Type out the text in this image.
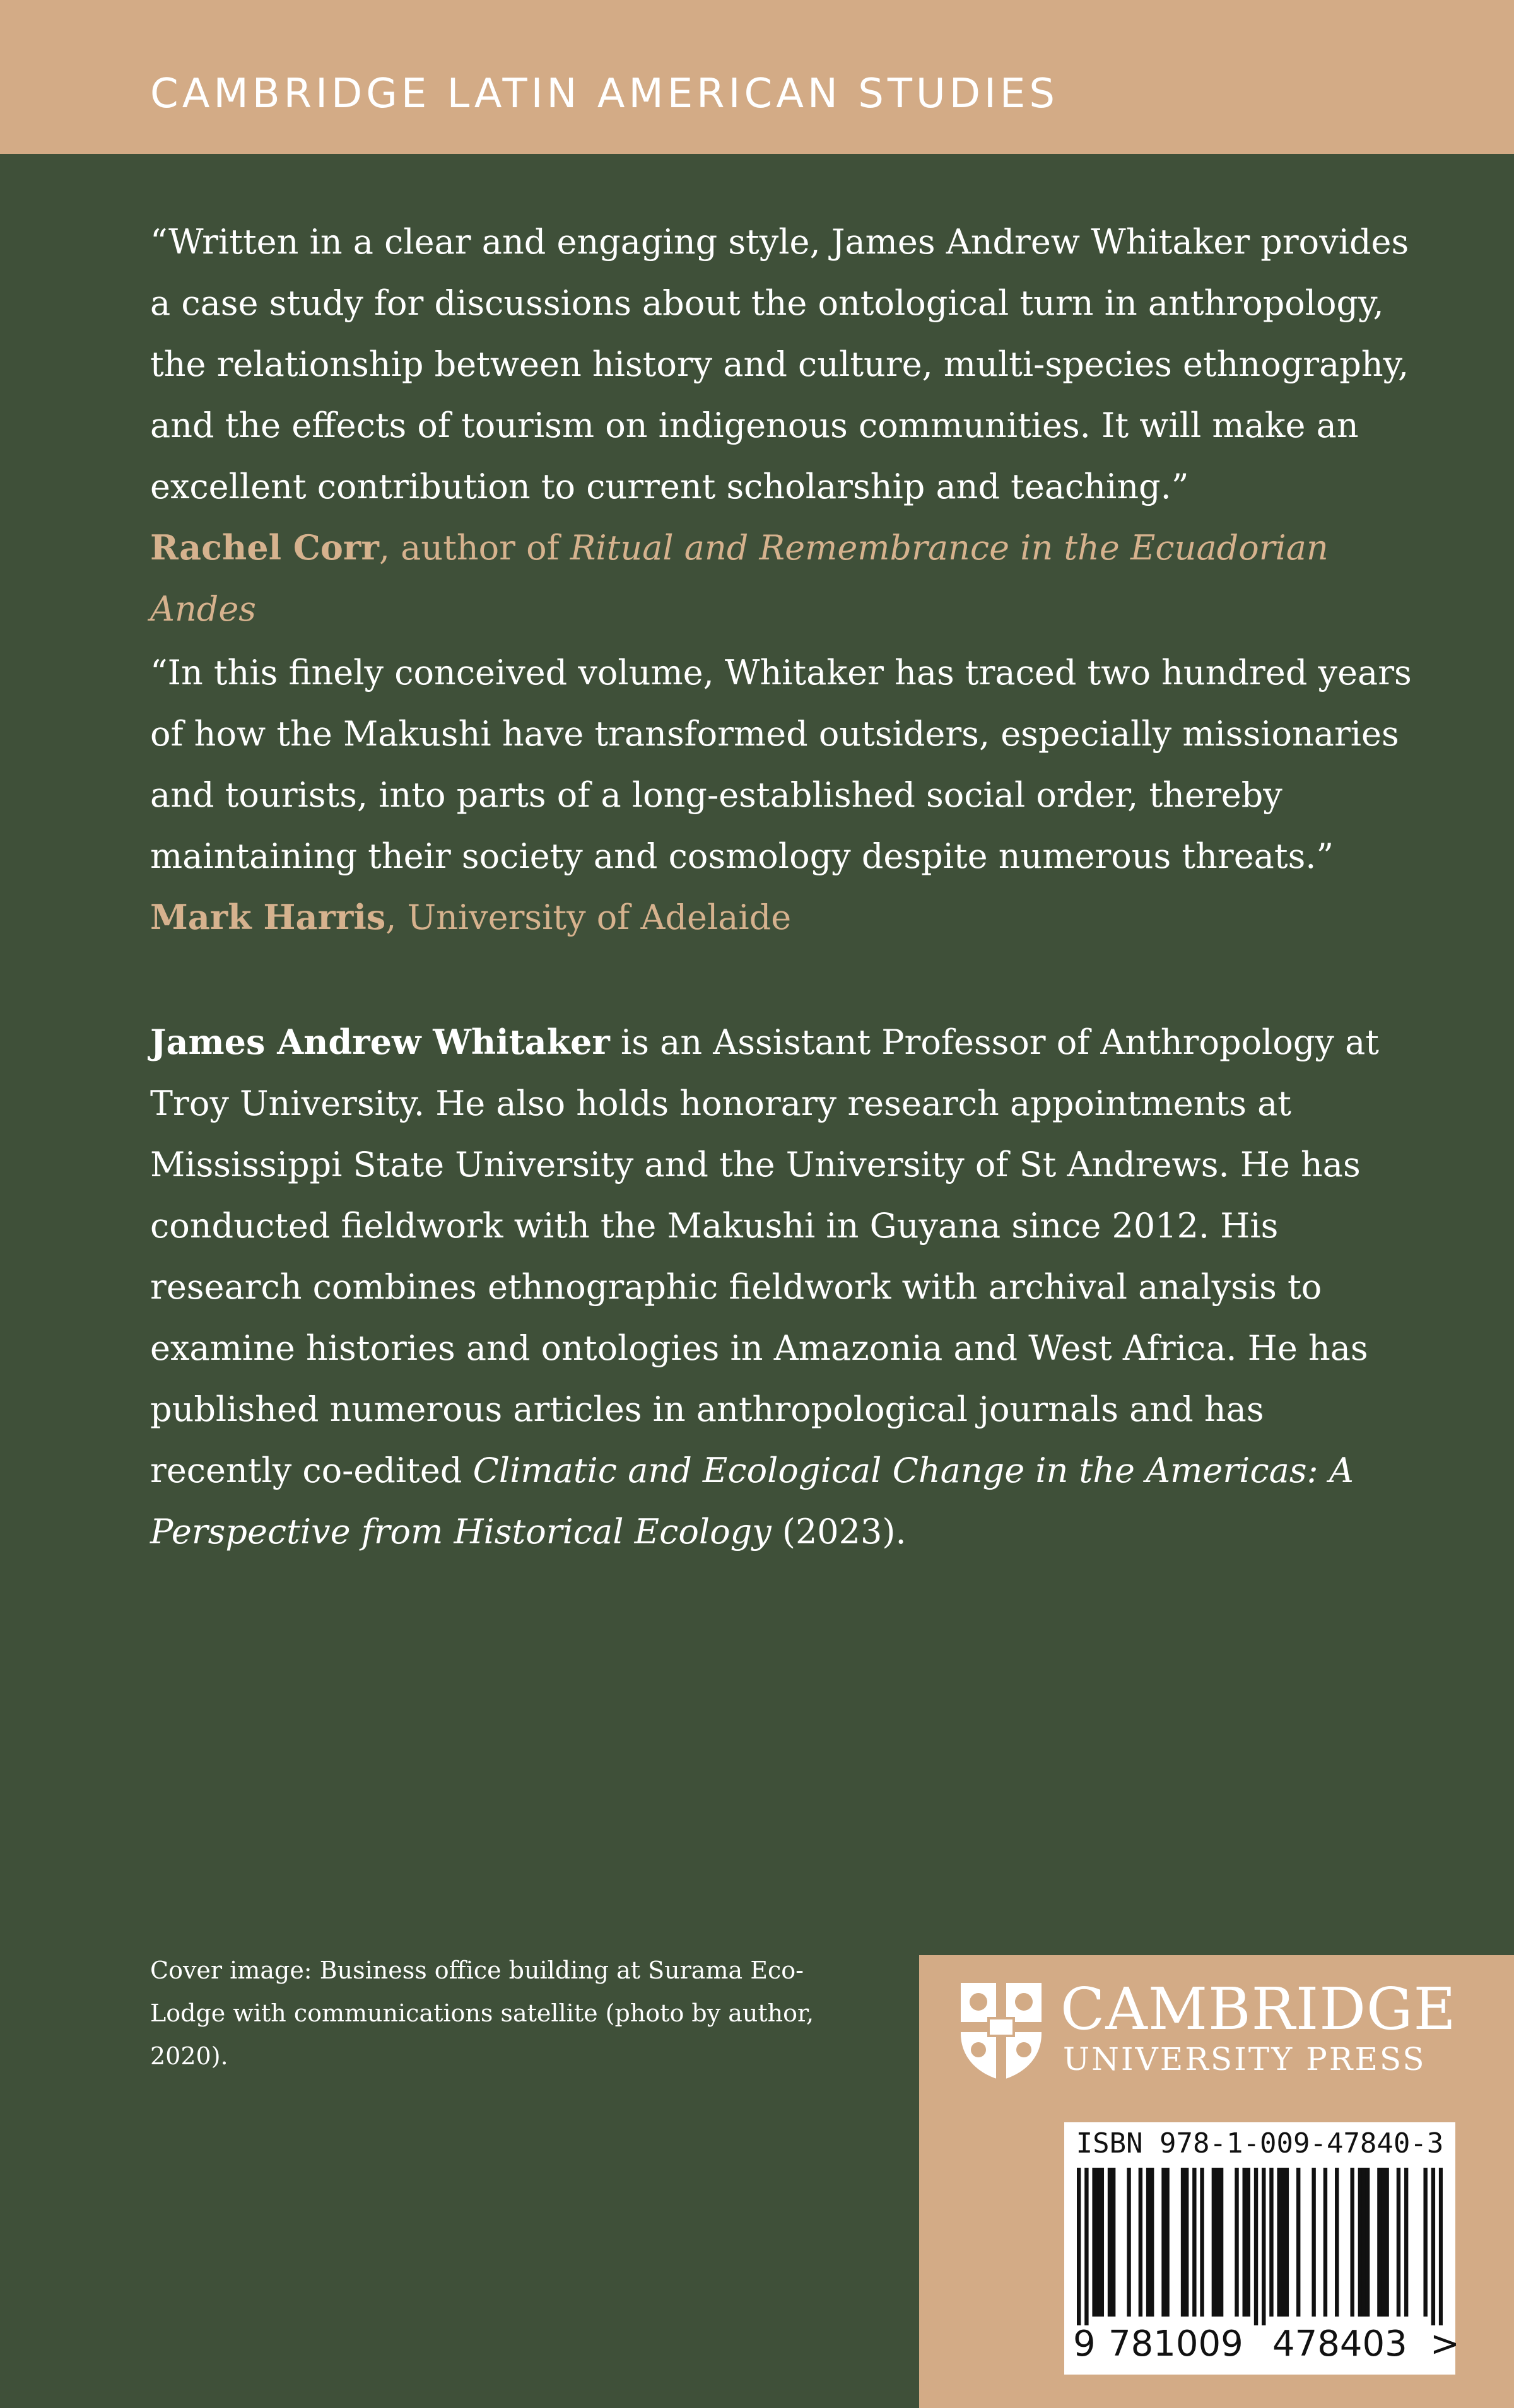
CAMBRIDGE LATIN AMERICAN STUDIES

“Written in a clear and engaging style, James Andrew Whitaker provides a case study for discussions about the ontological turn in anthropology, the relationship between history and culture, multi-species ethnography, and the effects of tourism on indigenous communities. It will make an excellent contribution to current scholarship and teaching.”

Rachel Corr, author of Ritual and Remembrance in the Ecuadorian Andes

“In this finely conceived volume, Whitaker has traced two hundred years of how the Makushi have transformed outsiders, especially missionaries and tourists, into parts of a long-established social order, thereby maintaining their society and cosmology despite numerous threats.”

Mark Harris, University of Adelaide

James Andrew Whitaker is an Assistant Professor of Anthropology at Troy University. He also holds honorary research appointments at Mississippi State University and the University of St Andrews. He has conducted fieldwork with the Makushi in Guyana since 2012. His research combines ethnographic fieldwork with archival analysis to examine histories and ontologies in Amazonia and West Africa. He has published numerous articles in anthropological journals and has recently co-edited Climatic and Ecological Change in the Americas: A Perspective from Historical Ecology (2023).

Cover image: Business office building at Surama Eco-Lodge with communications satellite (photo by author, 2020).
CAMBRIDGE
UNIVERSITY PRESS
ISBN 978-1-009-47840-3
9 781009 478403 >
